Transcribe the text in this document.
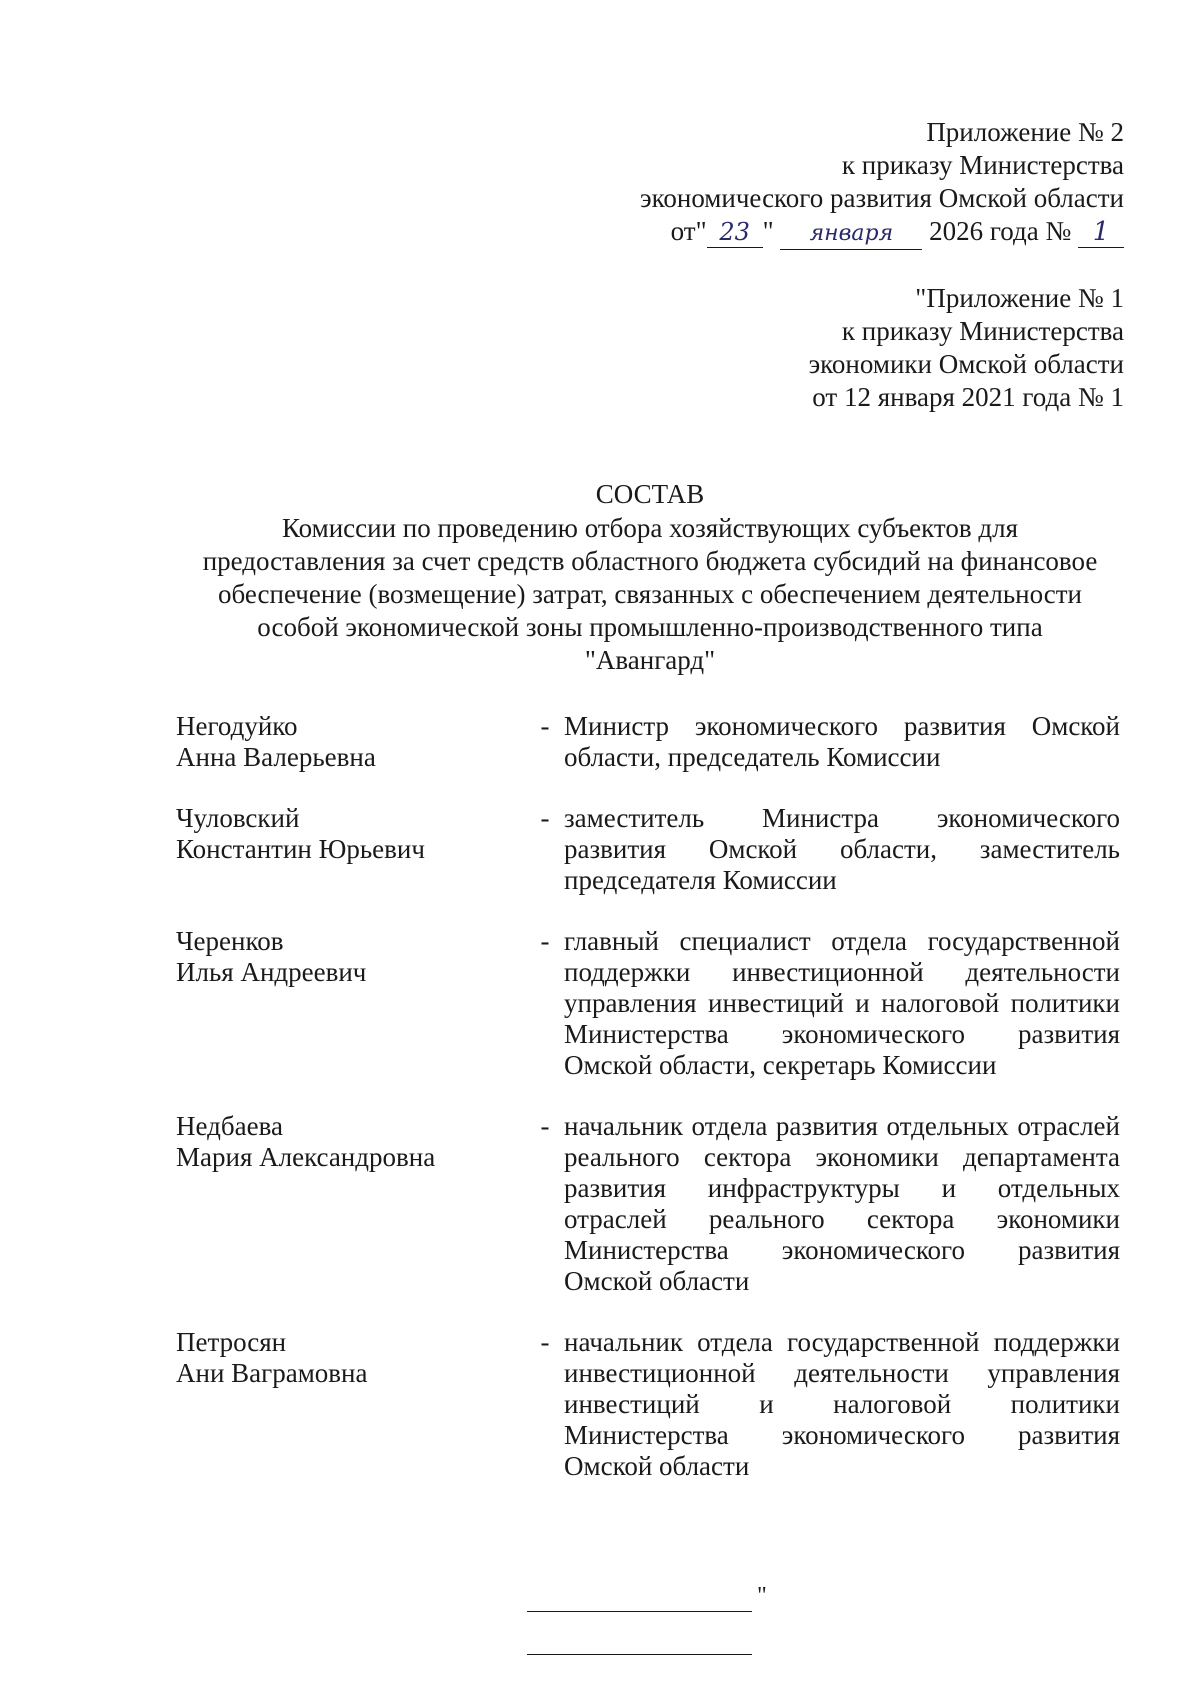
Приложение № 2
к приказу Министерства
экономического развития Омской области
от" 23 " января 2026 года № 1
"Приложение № 1
к приказу Министерства
экономики Омской области
от 12 января 2021 года № 1
СОСТАВ
Комиссии по проведению отбора хозяйствующих субъектов для
предоставления за счет средств областного бюджета субсидий на финансовое
обеспечение (возмещение) затрат, связанных с обеспечением деятельности
особой экономической зоны промышленно-производственного типа
"Авангард"
Негодуйко
Анна Валерьевна
- Министр экономического развития Омской области, председатель Комиссии
Чуловский
Константин Юрьевич
- заместитель Министра экономического развития Омской области, заместитель председателя Комиссии
Черенков
Илья Андреевич
- главный специалист отдела государственной поддержки инвестиционной деятельности управления инвестиций и налоговой политики Министерства экономического развития Омской области, секретарь Комиссии
Недбаева
Мария Александровна
- начальник отдела развития отдельных отраслей реального сектора экономики департамента развития инфраструктуры и отдельных отраслей реального сектора экономики Министерства экономического развития Омской области
Петросян
Ани Ваграмовна
- начальник отдела государственной поддержки инвестиционной деятельности управления инвестиций и налоговой политики Министерства экономического развития Омской области
"
